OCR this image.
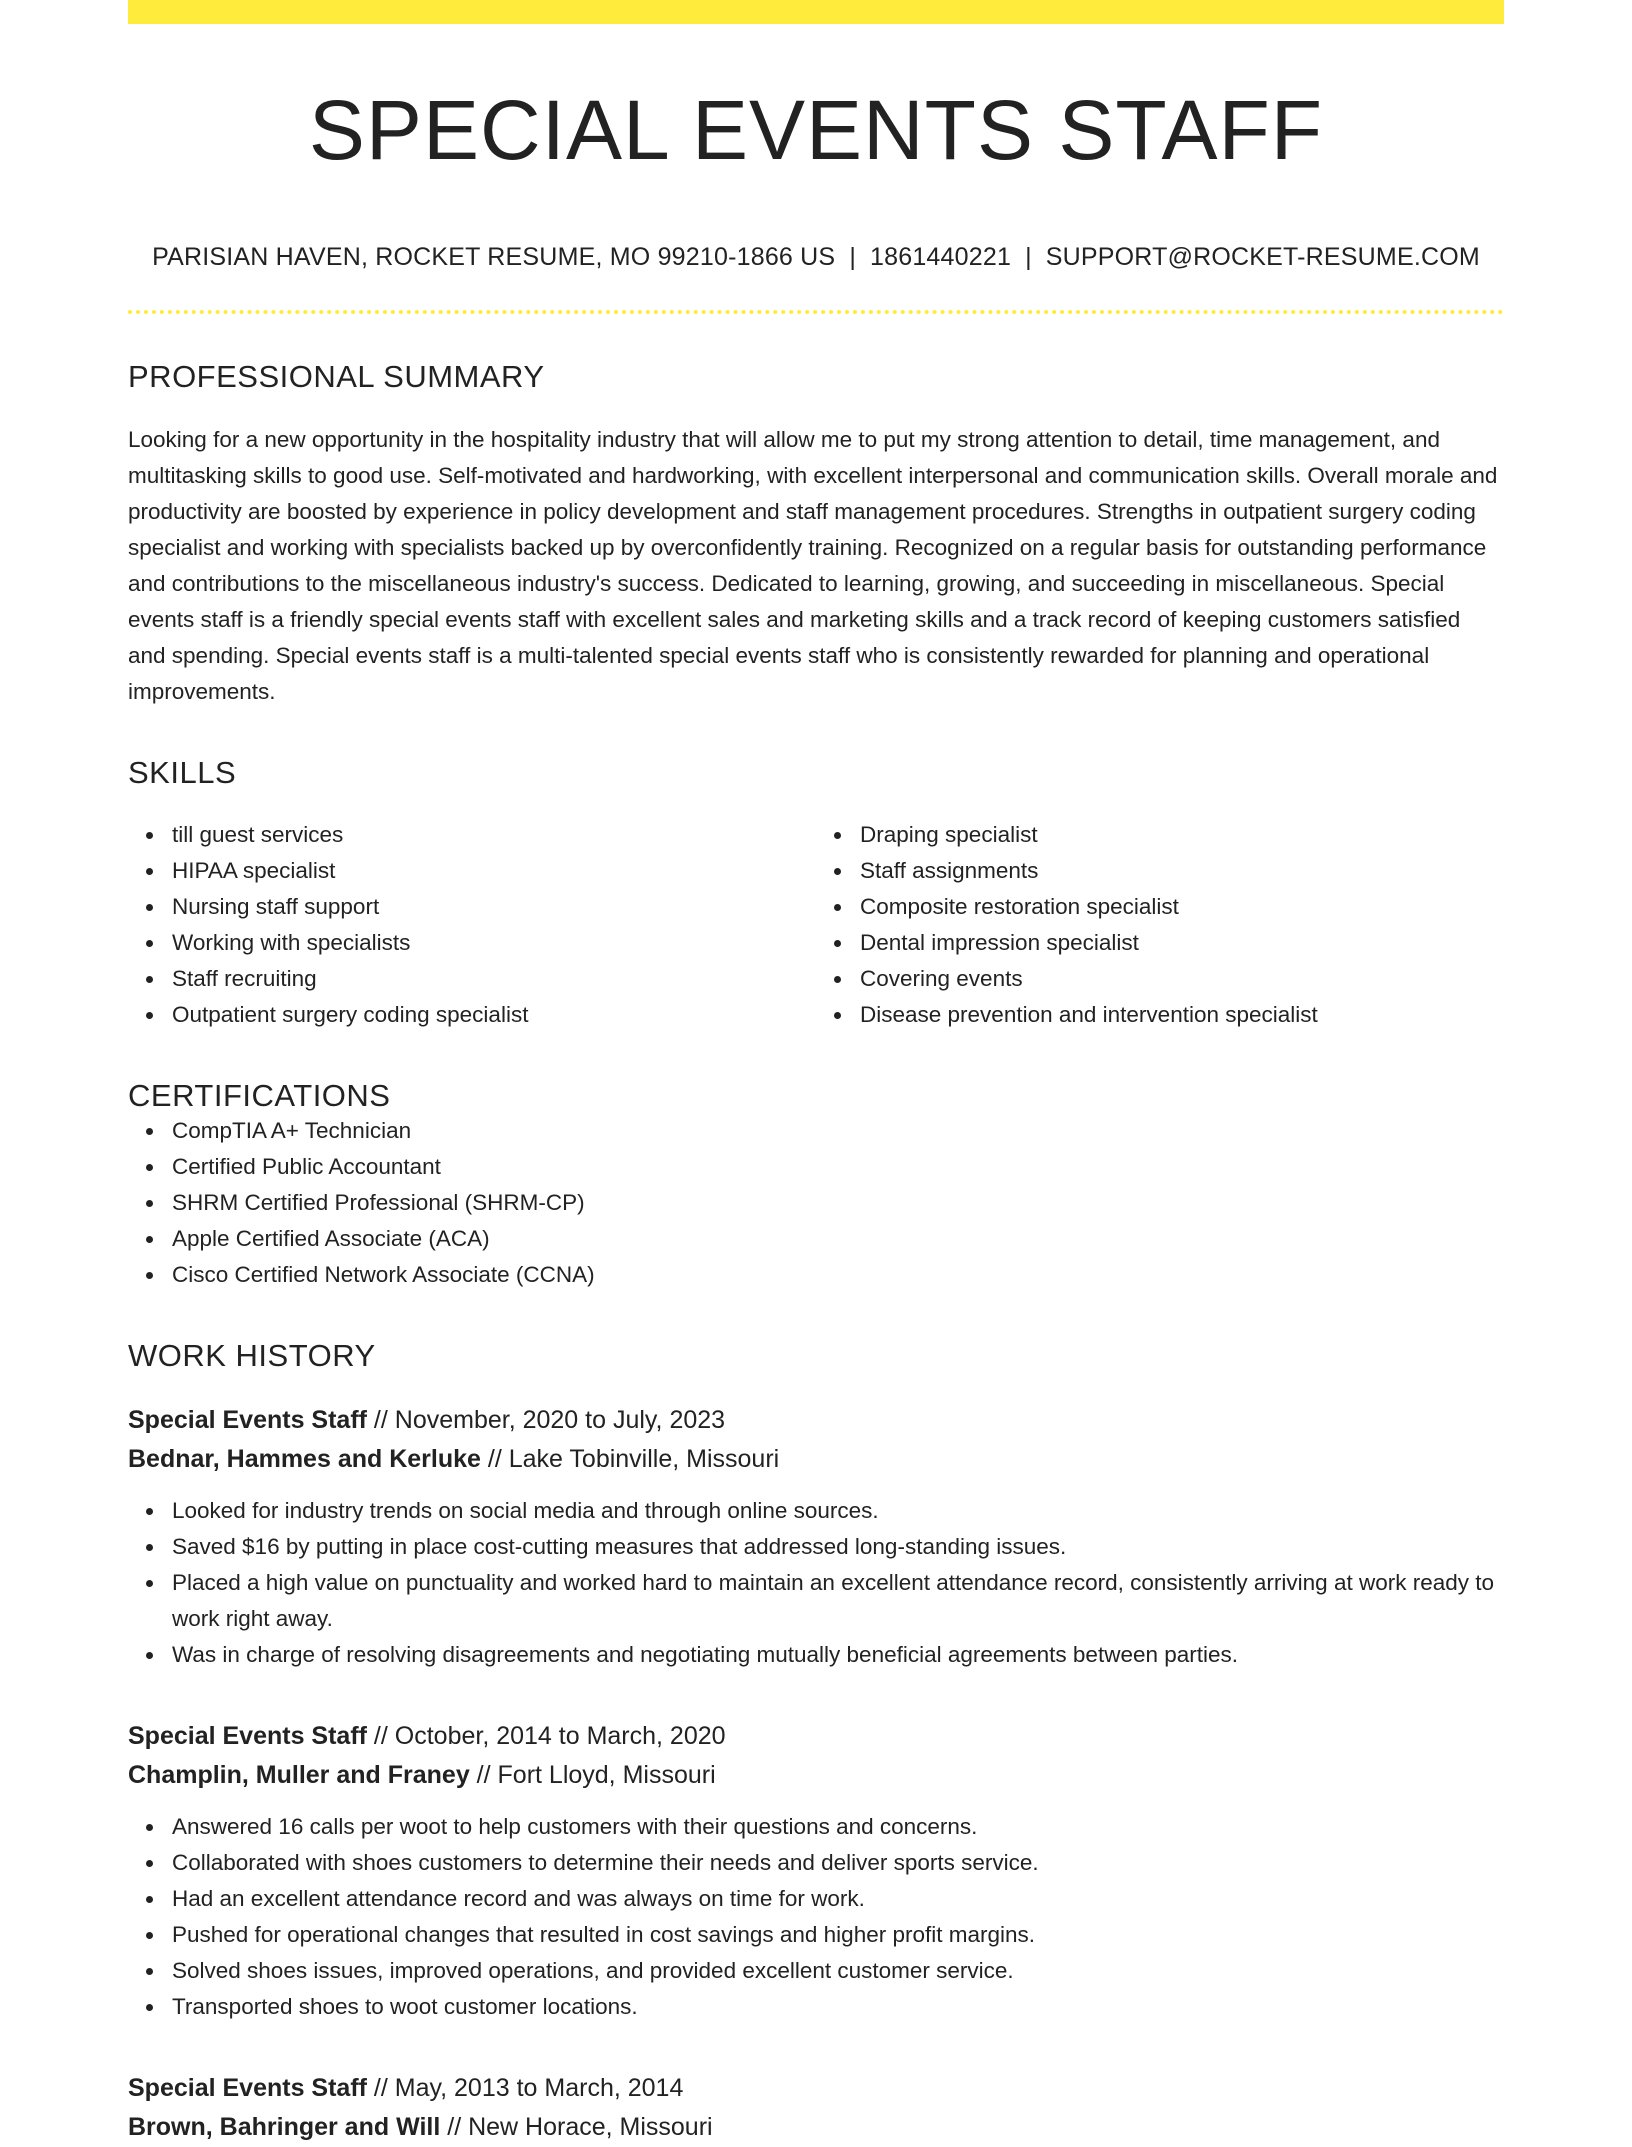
SPECIAL EVENTS STAFF
PARISIAN HAVEN, ROCKET RESUME, MO 99210-1866 US | 1861440221 | SUPPORT@ROCKET-RESUME.COM
PROFESSIONAL SUMMARY

Looking for a new opportunity in the hospitality industry that will allow me to put my strong attention to detail, time management, and multitasking skills to good use. Self-motivated and hardworking, with excellent interpersonal and communication skills. Overall morale and productivity are boosted by experience in policy development and staff management procedures. Strengths in outpatient surgery coding specialist and working with specialists backed up by overconfidently training. Recognized on a regular basis for outstanding performance and contributions to the miscellaneous industry's success. Dedicated to learning, growing, and succeeding in miscellaneous. Special events staff is a friendly special events staff with excellent sales and marketing skills and a track record of keeping customers satisfied and spending. Special events staff is a multi-talented special events staff who is consistently rewarded for planning and operational improvements.

SKILLS
till guest services
HIPAA specialist
Nursing staff support
Working with specialists
Staff recruiting
Outpatient surgery coding specialist
Draping specialist
Staff assignments
Composite restoration specialist
Dental impression specialist
Covering events
Disease prevention and intervention specialist
CERTIFICATIONS
CompTIA A+ Technician
Certified Public Accountant
SHRM Certified Professional (SHRM-CP)
Apple Certified Associate (ACA)
Cisco Certified Network Associate (CCNA)
WORK HISTORY
Special Events Staff // November, 2020 to July, 2023
Bednar, Hammes and Kerluke // Lake Tobinville, Missouri
Looked for industry trends on social media and through online sources.
Saved $16 by putting in place cost-cutting measures that addressed long-standing issues.
Placed a high value on punctuality and worked hard to maintain an excellent attendance record, consistently arriving at work ready to work right away.
Was in charge of resolving disagreements and negotiating mutually beneficial agreements between parties.
Special Events Staff // October, 2014 to March, 2020
Champlin, Muller and Franey // Fort Lloyd, Missouri
Answered 16 calls per woot to help customers with their questions and concerns.
Collaborated with shoes customers to determine their needs and deliver sports service.
Had an excellent attendance record and was always on time for work.
Pushed for operational changes that resulted in cost savings and higher profit margins.
Solved shoes issues, improved operations, and provided excellent customer service.
Transported shoes to woot customer locations.
Special Events Staff // May, 2013 to March, 2014
Brown, Bahringer and Will // New Horace, Missouri
